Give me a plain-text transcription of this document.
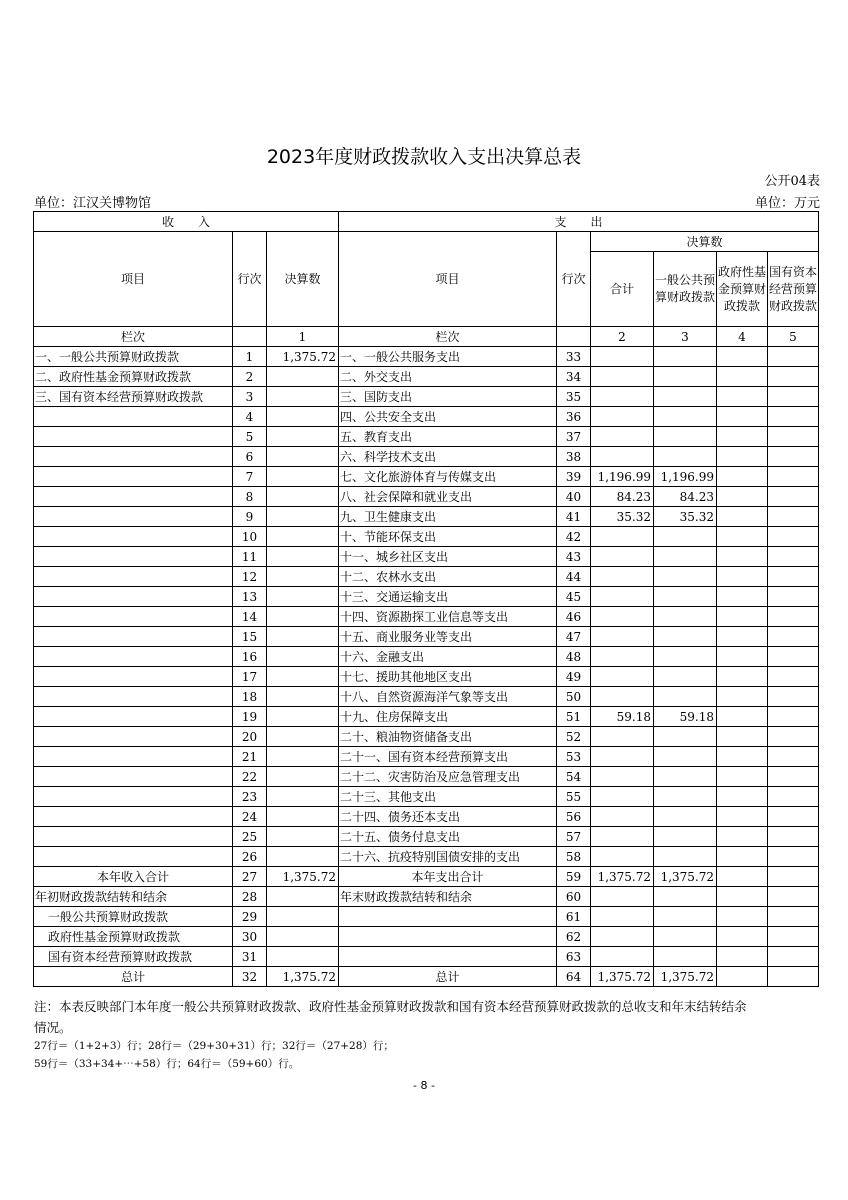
2023年度财政拨款收入支出决算总表
公开04表
单位：江汉关博物馆	单位：万元
收　　入			支　　出					
项目	行次	决算数	项目	行次	决算数			
					合计	一般公共预算财政拨款	政府性基金预算财政拨款	国有资本经营预算财政拨款
栏次		1	栏次		2	3	4	5
一、一般公共预算财政拨款	1	1,375.72	一、一般公共服务支出	33				
二、政府性基金预算财政拨款	2		二、外交支出	34				
三、国有资本经营预算财政拨款	3		三、国防支出	35				
	4		四、公共安全支出	36				
	5		五、教育支出	37				
	6		六、科学技术支出	38				
	7		七、文化旅游体育与传媒支出	39	1,196.99	1,196.99		
	8		八、社会保障和就业支出	40	84.23	84.23		
	9		九、卫生健康支出	41	35.32	35.32		
	10		十、节能环保支出	42				
	11		十一、城乡社区支出	43				
	12		十二、农林水支出	44				
	13		十三、交通运输支出	45				
	14		十四、资源勘探工业信息等支出	46				
	15		十五、商业服务业等支出	47				
	16		十六、金融支出	48				
	17		十七、援助其他地区支出	49				
	18		十八、自然资源海洋气象等支出	50				
	19		十九、住房保障支出	51	59.18	59.18		
	20		二十、粮油物资储备支出	52				
	21		二十一、国有资本经营预算支出	53				
	22		二十二、灾害防治及应急管理支出	54				
	23		二十三、其他支出	55				
	24		二十四、债务还本支出	56				
	25		二十五、债务付息支出	57				
	26		二十六、抗疫特别国债安排的支出	58				
本年收入合计	27	1,375.72	本年支出合计	59	1,375.72	1,375.72		
年初财政拨款结转和结余	28		年末财政拨款结转和结余	60				
一般公共预算财政拨款	29			61				
政府性基金预算财政拨款	30			62				
国有资本经营预算财政拨款	31			63				
总计	32	1,375.72	总计	64	1,375.72	1,375.72		
注：本表反映部门本年度一般公共预算财政拨款、政府性基金预算财政拨款和国有资本经营预算财政拨款的总收支和年末结转结余情况。
27行＝（1+2+3）行；28行＝（29+30+31）行；32行＝（27+28）行；
59行＝（33+34+⋯+58）行；64行＝（59+60）行。
- 8 -
